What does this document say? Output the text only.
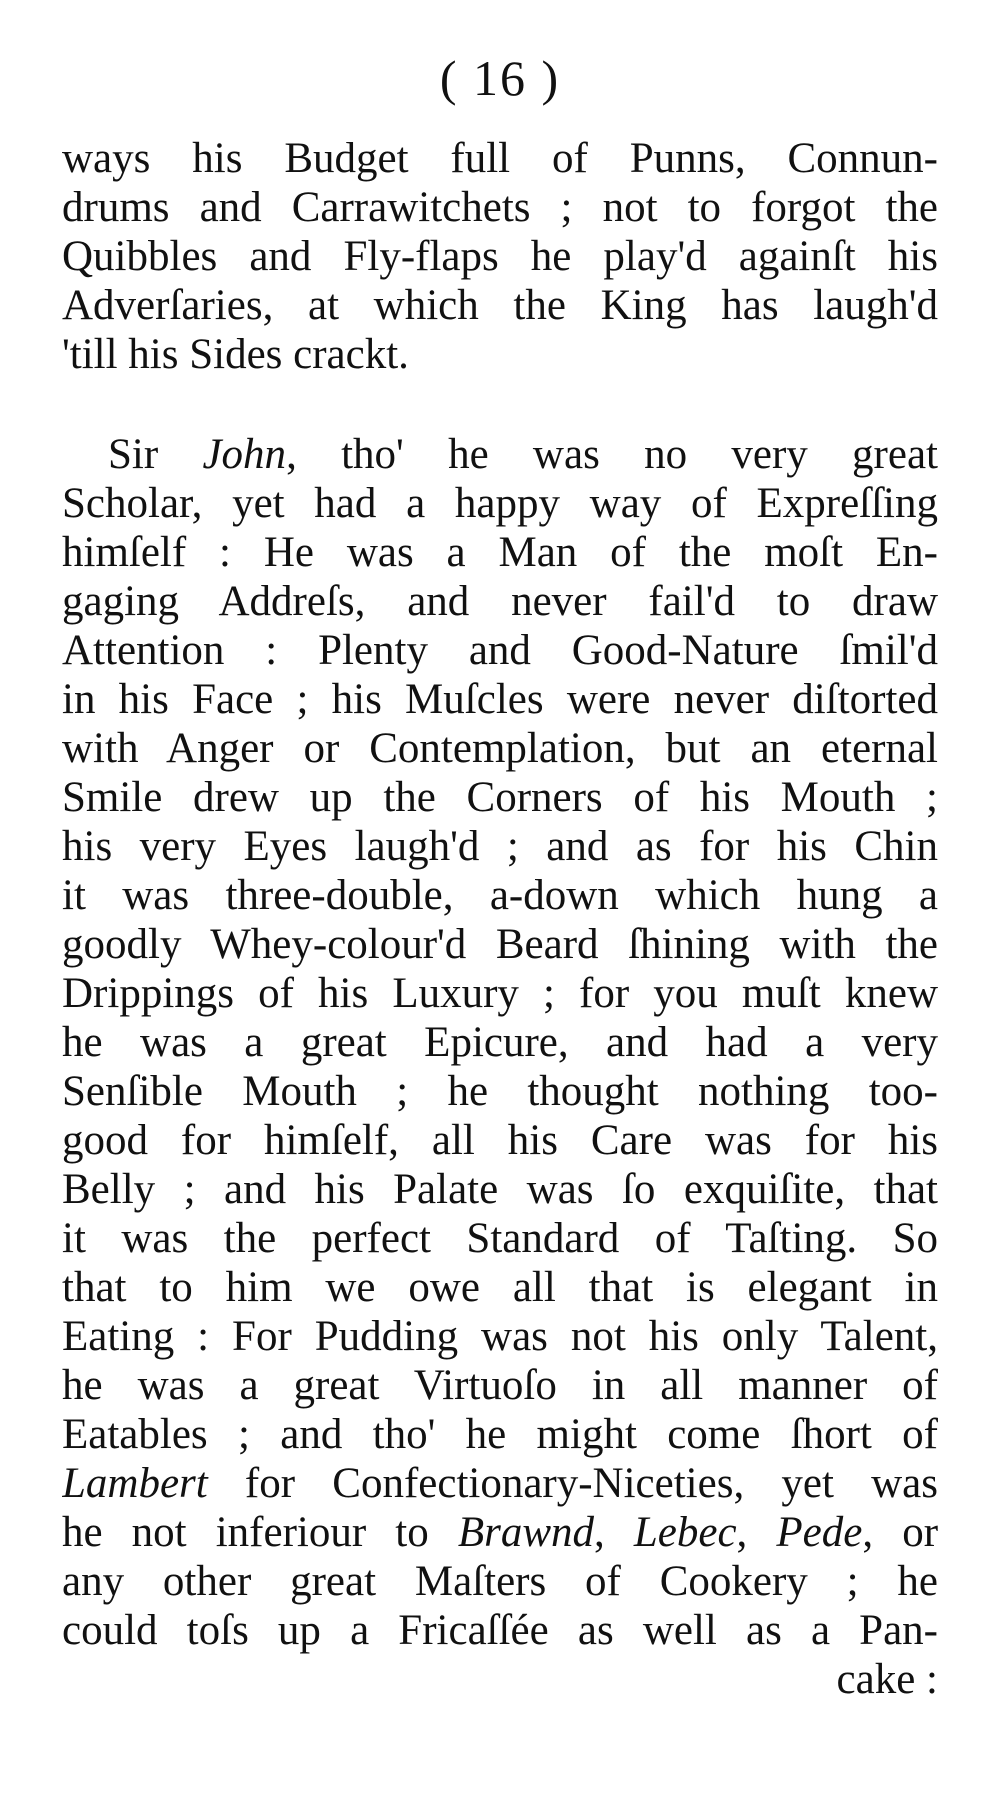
( 16 )
ways his Budget full of Punns, Connun-
drums and Carrawitchets ; not to forgot the
Quibbles and Fly-flaps he play'd againſt his
Adverſaries, at which the King has laugh'd
'till his Sides crackt.
Sir John, tho' he was no very great
Scholar, yet had a happy way of Expreſſing
himſelf : He was a Man of the moſt En-
gaging Addreſs, and never fail'd to draw
Attention : Plenty and Good-Nature ſmil'd
in his Face ; his Muſcles were never diſtorted
with Anger or Contemplation, but an eternal
Smile drew up the Corners of his Mouth ;
his very Eyes laugh'd ; and as for his Chin
it was three-double, a-down which hung a
goodly Whey-colour'd Beard ſhining with the
Drippings of his Luxury ; for you muſt knew
he was a great Epicure, and had a very
Senſible Mouth ; he thought nothing too-
good for himſelf, all his Care was for his
Belly ; and his Palate was ſo exquiſite, that
it was the perfect Standard of Taſting. So
that to him we owe all that is elegant in
Eating : For Pudding was not his only Talent,
he was a great Virtuoſo in all manner of
Eatables ; and tho' he might come ſhort of
Lambert for Confectionary-Niceties, yet was
he not inferiour to Brawnd, Lebec, Pede, or
any other great Maſters of Cookery ; he
could toſs up a Fricaſſée as well as a Pan-
cake :
